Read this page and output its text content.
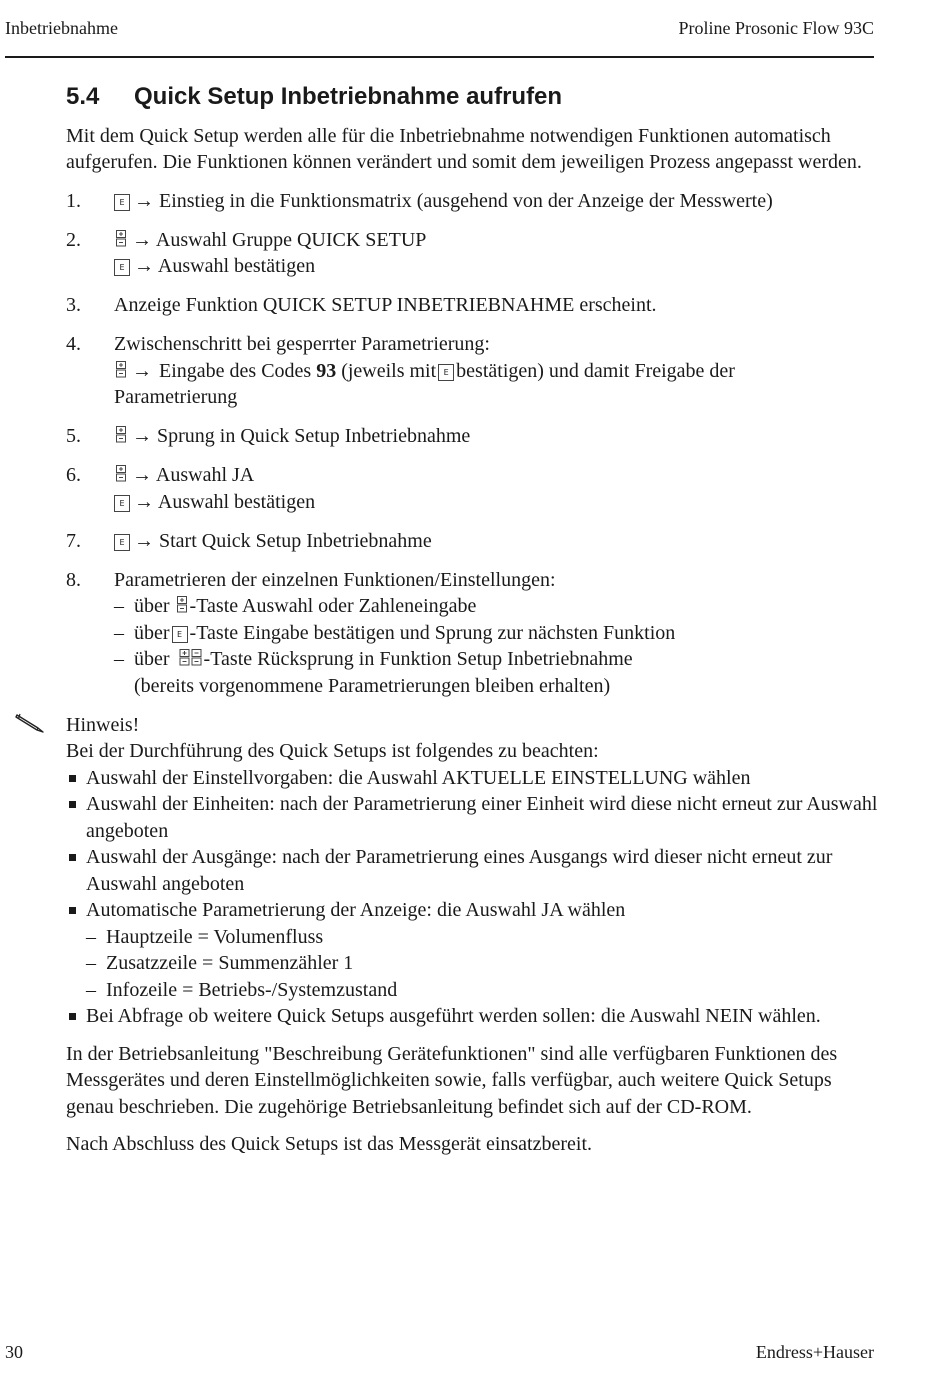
Inbetriebnahme	Proline Prosonic Flow 93C
5.4	Quick Setup Inbetriebnahme aufrufen

Mit dem Quick Setup werden alle für die Inbetriebnahme notwendigen Funktionen automatisch aufgerufen. Die Funktionen können verändert und somit dem jeweiligen Prozess angepasst werden.

1.	E → Einstieg in die Funktionsmatrix (ausgehend von der Anzeige der Messwerte)
2.	→ Auswahl Gruppe QUICK SETUP
E → Auswahl bestätigen
3. Anzeige Funktion QUICK SETUP INBETRIEBNAHME erscheint.
4. Zwischenschritt bei gesperrter Parametrierung:
→ Eingabe des Codes 93 (jeweils mit E bestätigen) und damit Freigabe der
Parametrierung
5.	→ Sprung in Quick Setup Inbetriebnahme
6.	→ Auswahl JA
E → Auswahl bestätigen
7.	E → Start Quick Setup Inbetriebnahme
8. Parametrieren der einzelnen Funktionen/Einstellungen:
– über -Taste Auswahl oder Zahleneingabe
– über E -Taste Eingabe bestätigen und Sprung zur nächsten Funktion
– über -Taste Rücksprung in Funktion Setup Inbetriebnahme
(bereits vorgenommene Parametrierungen bleiben erhalten)

Hinweis!

Bei der Durchführung des Quick Setups ist folgendes zu beachten:

Auswahl der Einstellvorgaben: die Auswahl AKTUELLE EINSTELLUNG wählen
Auswahl der Einheiten: nach der Parametrierung einer Einheit wird diese nicht erneut zur Auswahl angeboten
Auswahl der Ausgänge: nach der Parametrierung eines Ausgangs wird dieser nicht erneut zur Auswahl angeboten
Automatische Parametrierung der Anzeige: die Auswahl JA wählen
– Hauptzeile = Volumenfluss
– Zusatzzeile = Summenzähler 1
– Infozeile = Betriebs-/Systemzustand
Bei Abfrage ob weitere Quick Setups ausgeführt werden sollen: die Auswahl NEIN wählen.

In der Betriebsanleitung "Beschreibung Gerätefunktionen" sind alle verfügbaren Funktionen des Messgerätes und deren Einstellmöglichkeiten sowie, falls verfügbar, auch weitere Quick Setups genau beschrieben. Die zugehörige Betriebsanleitung befindet sich auf der CD-ROM.

Nach Abschluss des Quick Setups ist das Messgerät einsatzbereit.

30	Endress+Hauser
